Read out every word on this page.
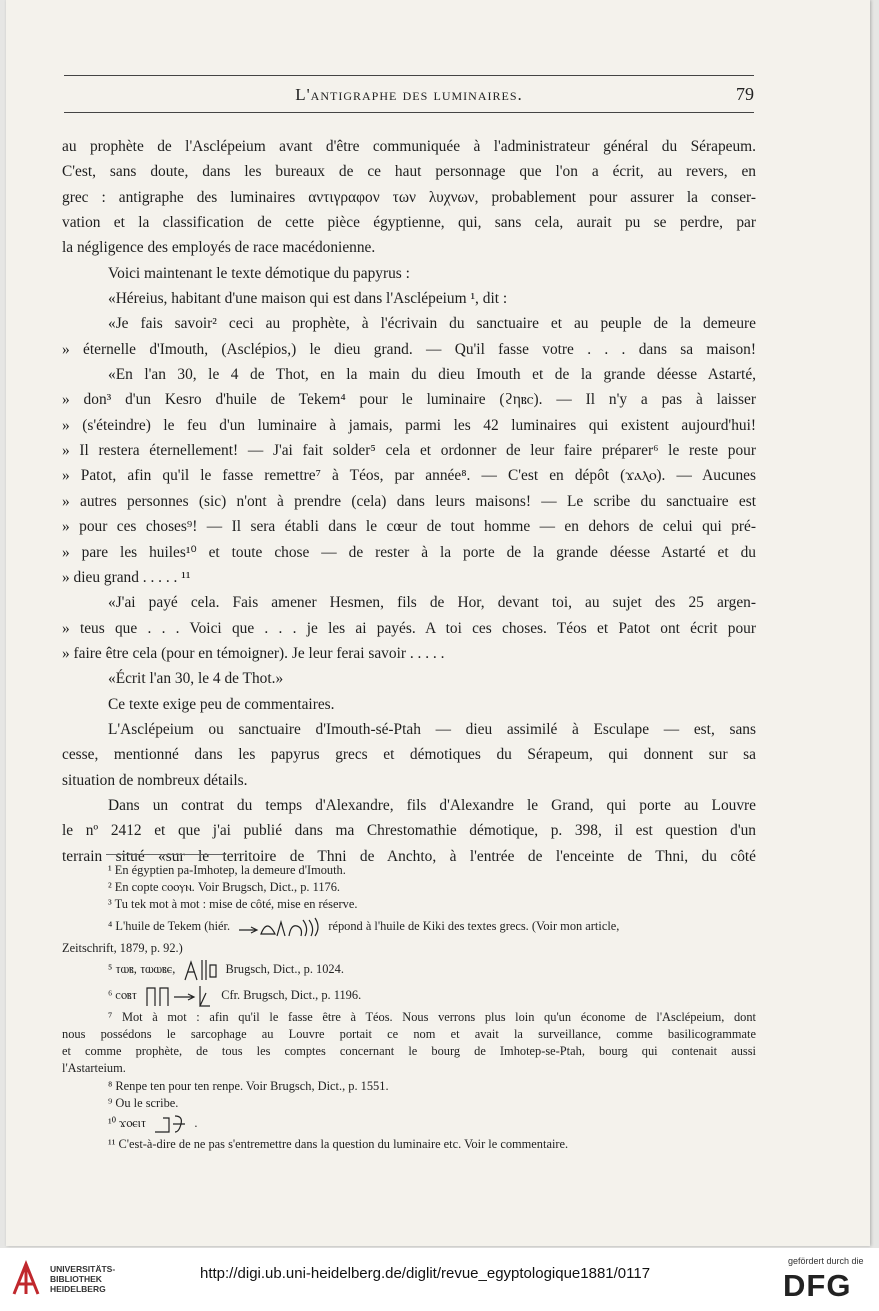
L'antigraphe des luminaires.	79
au prophète de l'Asclépeium avant d'être communiquée à l'administrateur général du Sérapeum.
C'est, sans doute, dans les bureaux de ce haut personnage que l'on a écrit, au revers, en
grec : antigraphe des luminaires αντιγραφον των λυχνων, probablement pour assurer la conser-
vation et la classification de cette pièce égyptienne, qui, sans cela, aurait pu se perdre, par
la négligence des employés de race macédonienne.
Voici maintenant le texte démotique du papyrus :
«Héreius, habitant d'une maison qui est dans l'Asclépeium ¹, dit :
«Je fais savoir² ceci au prophète, à l'écrivain du sanctuaire et au peuple de la demeure
» éternelle d'Imouth, (Asclépios,) le dieu grand. — Qu'il fasse votre . . . dans sa maison!
«En l'an 30, le 4 de Thot, en la main du dieu Imouth et de la grande déesse Astarté,
» don³ d'un Kesro d'huile de Tekem⁴ pour le luminaire (ϩηⲃⲥ). — Il n'y a pas à laisser
» (s'éteindre) le feu d'un luminaire à jamais, parmi les 42 luminaires qui existent aujourd'hui!
» Il restera éternellement! — J'ai fait solder⁵ cela et ordonner de leur faire préparer⁶ le reste pour
» Patot, afin qu'il le fasse remettre⁷ à Téos, par année⁸. — C'est en dépôt (ϫⲁⲗⲟ). — Aucunes
» autres personnes (sic) n'ont à prendre (cela) dans leurs maisons! — Le scribe du sanctuaire est
» pour ces choses⁹! — Il sera établi dans le cœur de tout homme — en dehors de celui qui pré-
» pare les huiles¹⁰ et toute chose — de rester à la porte de la grande déesse Astarté et du
» dieu grand . . . . . ¹¹
«J'ai payé cela. Fais amener Hesmen, fils de Hor, devant toi, au sujet des 25 argen-
» teus que . . . Voici que . . . je les ai payés. A toi ces choses. Téos et Patot ont écrit pour
» faire être cela (pour en témoigner). Je leur ferai savoir . . . . .
«Écrit l'an 30, le 4 de Thot.»
Ce texte exige peu de commentaires.
L'Asclépeium ou sanctuaire d'Imouth-sé-Ptah — dieu assimilé à Esculape — est, sans
cesse, mentionné dans les papyrus grecs et démotiques du Sérapeum, qui donnent sur sa
situation de nombreux détails.
Dans un contrat du temps d'Alexandre, fils d'Alexandre le Grand, qui porte au Louvre
le nº 2412 et que j'ai publié dans ma Chrestomathie démotique, p. 398, il est question d'un
terrain situé «sur le territoire de Thni de Anchto, à l'entrée de l'enceinte de Thni, du côté
¹ En égyptien pa-Imhotep, la demeure d'Imouth.
² En copte ⲥⲟⲟⲩⲛ. Voir Brugsch, Dict., p. 1176.
³ Tu tek mot à mot : mise de côté, mise en réserve.
⁴ L'huile de Tekem (hiér.	répond à l'huile de Kiki des textes grecs. (Voir mon article,
Zeitschrift, 1879, p. 92.)
⁵ ⲧⲱⲃ, ⲧⲱⲱⲃⲉ,	Brugsch, Dict., p. 1024.
⁶ ⲥⲟⲃⲧ	Cfr. Brugsch, Dict., p. 1196.
⁷ Mot à mot : afin qu'il le fasse être à Téos. Nous verrons plus loin qu'un économe de l'Asclépeium, dont
nous possédons le sarcophage au Louvre portait ce nom et avait la surveillance, comme basilicogrammate
et comme prophète, de tous les comptes concernant le bourg de Imhotep-se-Ptah, bourg qui contenait aussi
l'Astarteium.
⁸ Renpe ten pour ten renpe. Voir Brugsch, Dict., p. 1551.
⁹ Ou le scribe.
¹⁰ ϫⲟⲉⲓⲧ	.
¹¹ C'est-à-dire de ne pas s'entremettre dans la question du luminaire etc. Voir le commentaire.
UNIVERSITÄTS-
BIBLIOTHEK
HEIDELBERG
http://digi.ub.uni-heidelberg.de/diglit/revue_egyptologique1881/0117
gefördert durch die
DFG
